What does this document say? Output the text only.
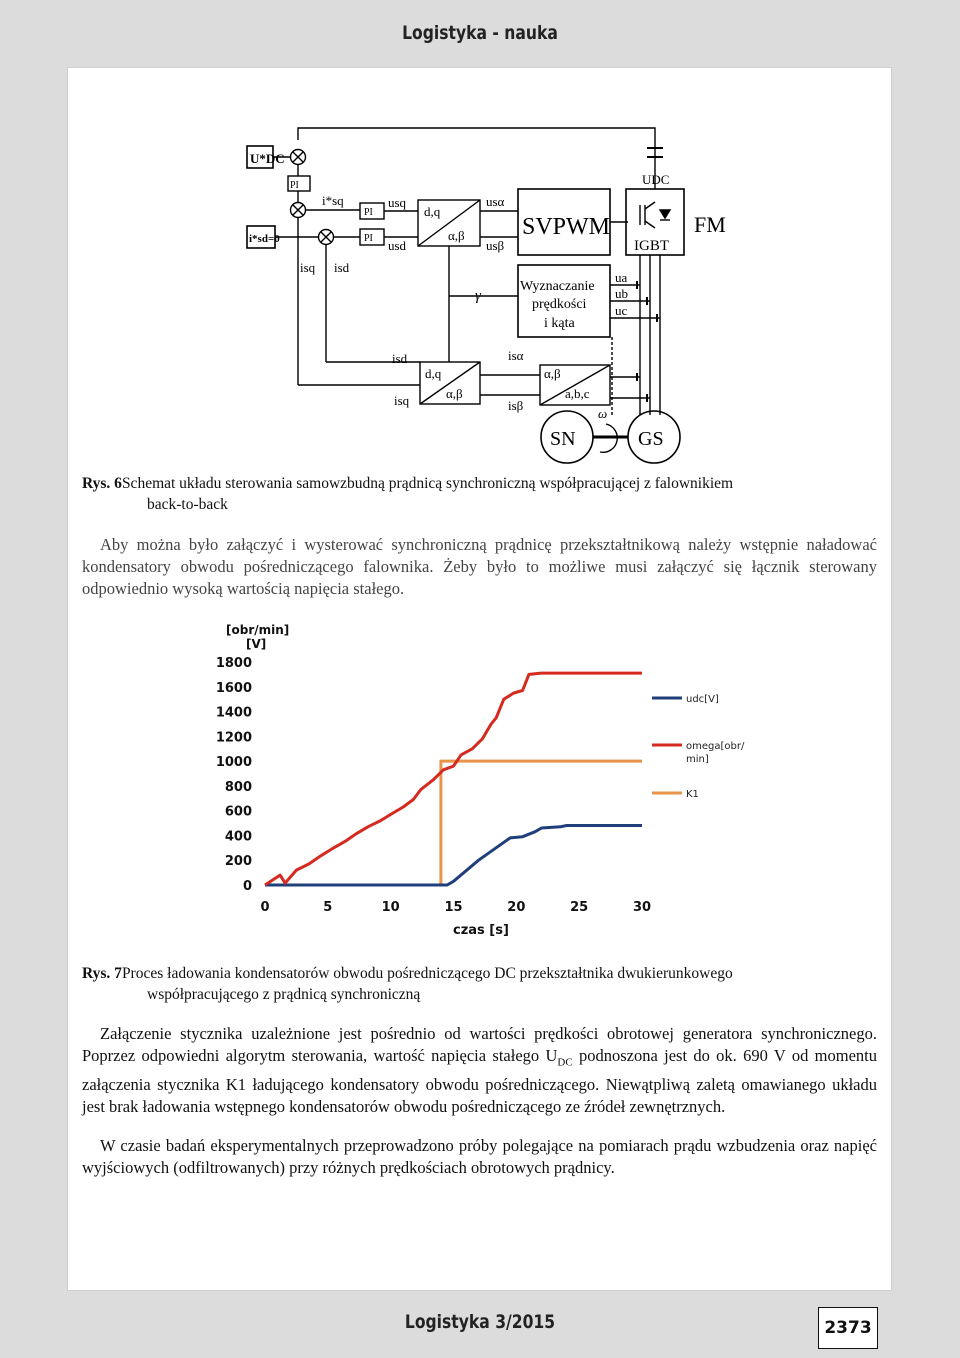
Logistyka - nauka
U*DC
i*sd=0
PI
PI
PI
i*sq
isq isd
usq
usd
d,q
α,β
usα
usβ
SVPWM
UDC
FM
IGBT
Wyznaczanie
prędkości
i kąta
γ
ua
ub
uc
isd
isq
d,q
α,β
isα
isβ
α,β
a,b,c
SN	GS
ω
Rys. 6Schemat układu sterowania samowzbudną prądnicą synchroniczną współpracującej z falownikiem
back-to-back
Aby można było załączyć i wysterować synchroniczną prądnicę przekształtnikową należy wstępnie naładować kondensatory obwodu pośredniczącego falownika. Żeby było to możliwe musi załączyć się łącznik sterowany odpowiednio wysoką wartością napięcia stałego.
[obr/min]
[V]
czas [s]
0
200
400
600
800
1000
1200
1400
1600
1800
0	5	10	15	20	25	30
udc[V]
omega[obr/ min]
K1
Rys. 7Proces ładowania kondensatorów obwodu pośredniczącego DC przekształtnika dwukierunkowego
współpracującego z prądnicą synchroniczną
Załączenie stycznika uzależnione jest pośrednio od wartości prędkości obrotowej generatora synchronicznego. Poprzez odpowiedni algorytm sterowania, wartość napięcia stałego $U_{DC}$ podnoszona jest do ok. 690 V od momentu załączenia stycznika K1 ładującego kondensatory obwodu pośredniczącego. Niewątpliwą zaletą omawianego układu jest brak ładowania wstępnego kondensatorów obwodu pośredniczącego ze źródeł zewnętrznych.
W czasie badań eksperymentalnych przeprowadzono próby polegające na pomiarach prądu wzbudzenia oraz napięć wyjściowych (odfiltrowanych) przy różnych prędkościach obrotowych prądnicy.
Logistyka 3/2015	2373
